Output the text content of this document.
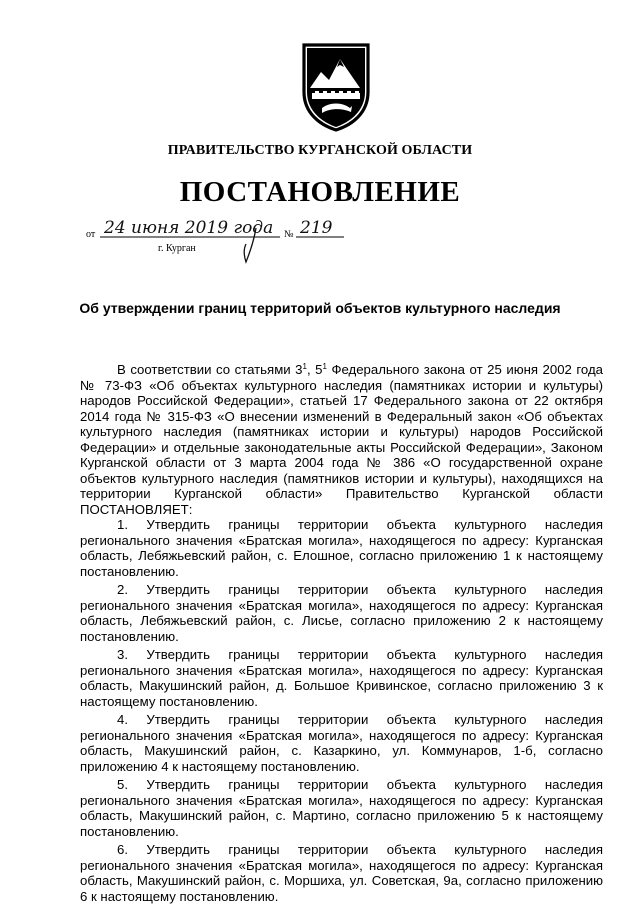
ПРАВИТЕЛЬСТВО КУРГАНСКОЙ ОБЛАСТИ
ПОСТАНОВЛЕНИЕ
от 24 июня 2019 года № 219
г. Курган
Об утверждении границ территорий объектов культурного наследия

В соответствии со статьями $3^1$, $5^1$ Федерального закона от 25 июня 2002 года № 73-ФЗ «Об объектах культурного наследия (памятниках истории и культуры) народов Российской Федерации», статьей 17 Федерального закона от 22 октября 2014 года № 315-ФЗ «О внесении изменений в Федеральный закон «Об объектах культурного наследия (памятниках истории и культуры) народов Российской Федерации» и отдельные законодательные акты Российской Федерации», Законом Курганской области от 3 марта 2004 года № 386 «О государственной охране объектов культурного наследия (памятников истории и культуры), находящихся на территории Курганской области» Правительство Курганской области ПОСТАНОВЛЯЕТ:

1. Утвердить границы территории объекта культурного наследия регионального значения «Братская могила», находящегося по адресу: Курганская область, Лебяжьевский район, с. Елошное, согласно приложению 1 к настоящему постановлению.

2. Утвердить границы территории объекта культурного наследия регионального значения «Братская могила», находящегося по адресу: Курганская область, Лебяжьевский район, с. Лисье, согласно приложению 2 к настоящему постановлению.

3. Утвердить границы территории объекта культурного наследия регионального значения «Братская могила», находящегося по адресу: Курганская область, Макушинский район, д. Большое Кривинское, согласно приложению 3 к настоящему постановлению.

4. Утвердить границы территории объекта культурного наследия регионального значения «Братская могила», находящегося по адресу: Курганская область, Макушинский район, с. Казаркино, ул. Коммунаров, 1-б, согласно приложению 4 к настоящему постановлению.

5. Утвердить границы территории объекта культурного наследия регионального значения «Братская могила», находящегося по адресу: Курганская область, Макушинский район, с. Мартино, согласно приложению 5 к настоящему постановлению.

6. Утвердить границы территории объекта культурного наследия регионального значения «Братская могила», находящегося по адресу: Курганская область, Макушинский район, с. Моршиха, ул. Советская, 9а, согласно приложению 6 к настоящему постановлению.
